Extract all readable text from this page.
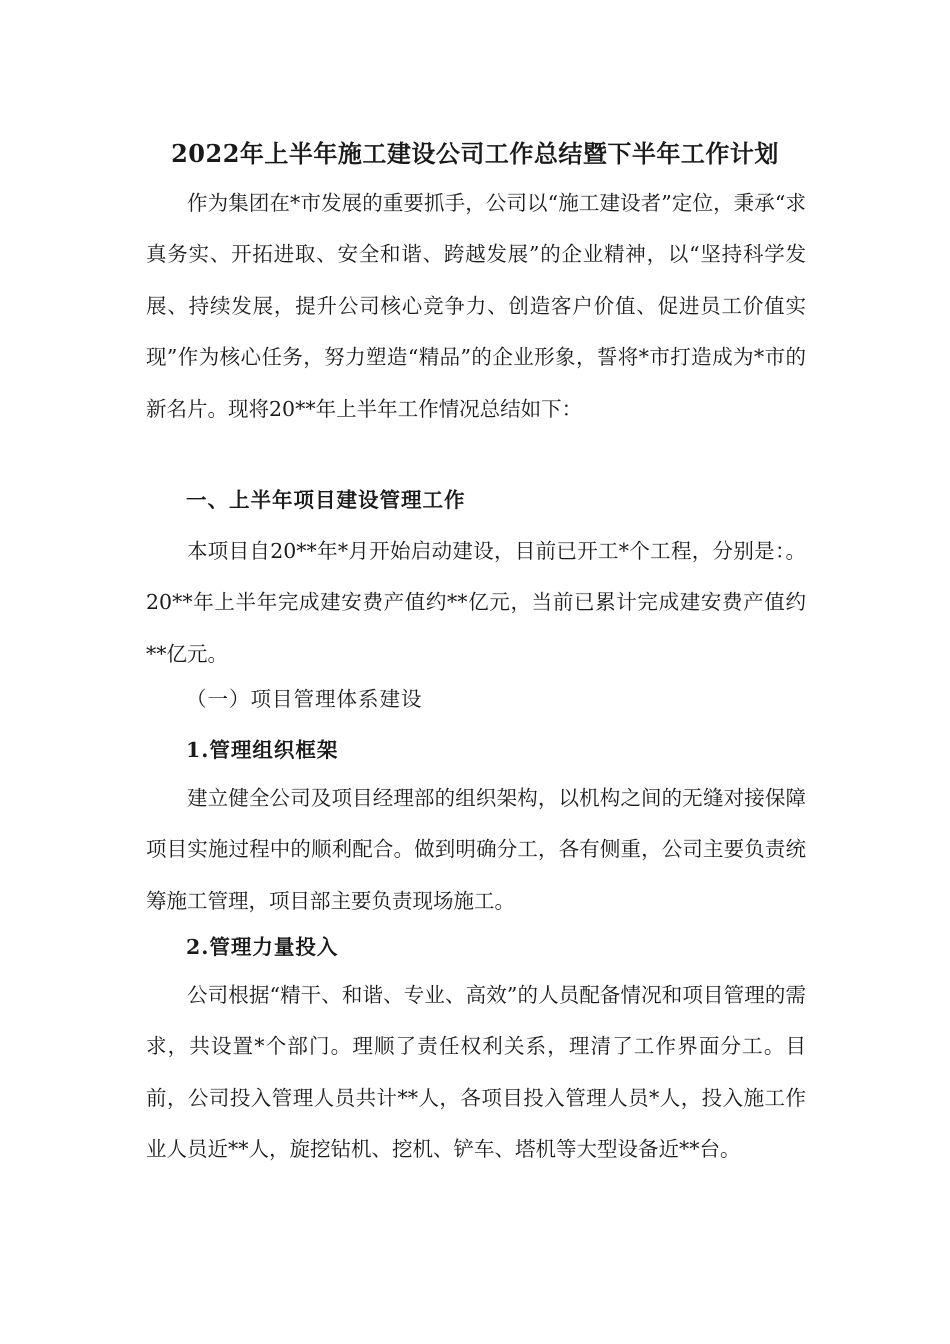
2022年上半年施工建设公司工作总结暨下半年工作计划

作为集团在*市发展的重要抓手，公司以“施工建设者”定位，秉承“求真务实、开拓进取、安全和谐、跨越发展”的企业精神，以“坚持科学发展、持续发展，提升公司核心竞争力、创造客户价值、促进员工价值实现”作为核心任务，努力塑造“精品”的企业形象，誓将*市打造成为*市的新名片。现将20**年上半年工作情况总结如下：

一、上半年项目建设管理工作

本项目自20**年*月开始启动建设，目前已开工*个工程，分别是：。20**年上半年完成建安费产值约**亿元，当前已累计完成建安费产值约**亿元。

（一）项目管理体系建设
1.管理组织框架

建立健全公司及项目经理部的组织架构，以机构之间的无缝对接保障项目实施过程中的顺利配合。做到明确分工，各有侧重，公司主要负责统筹施工管理，项目部主要负责现场施工。

2.管理力量投入

公司根据“精干、和谐、专业、高效”的人员配备情况和项目管理的需求，共设置*个部门。理顺了责任权利关系，理清了工作界面分工。目前，公司投入管理人员共计**人，各项目投入管理人员*人，投入施工作业人员近**人，旋挖钻机、挖机、铲车、塔机等大型设备近**台。
